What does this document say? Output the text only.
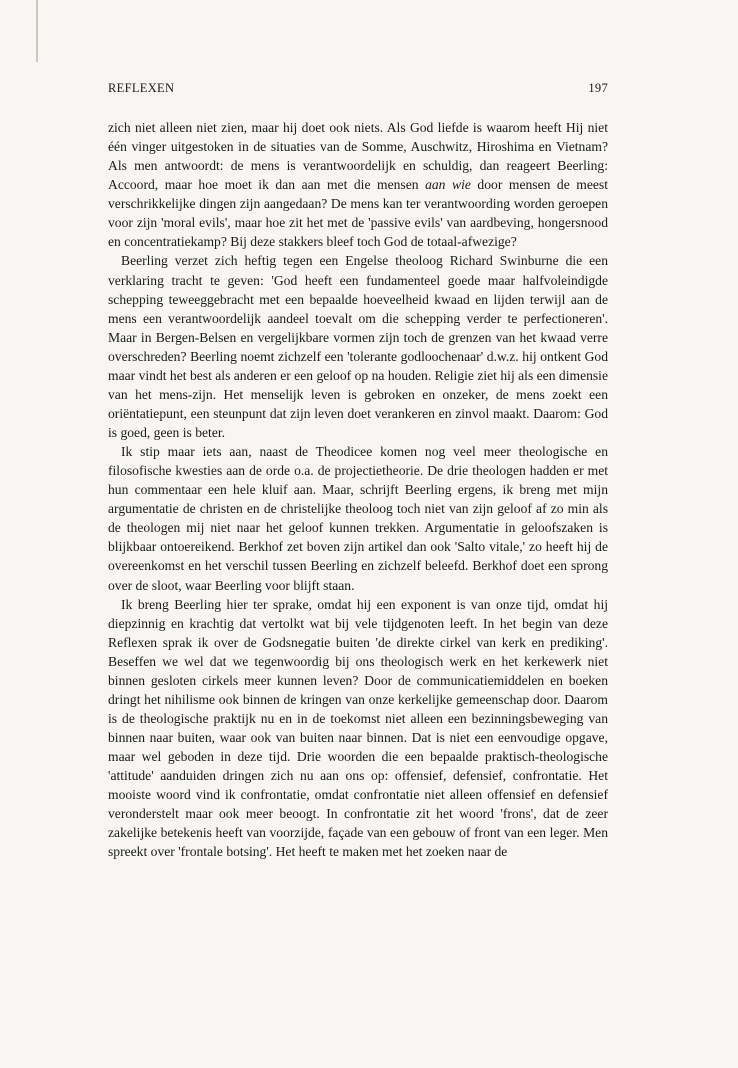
REFLEXEN	197

zich niet alleen niet zien, maar hij doet ook niets. Als God liefde is waarom heeft Hij niet één vinger uitgestoken in de situaties van de Somme, Auschwitz, Hiroshima en Vietnam? Als men antwoordt: de mens is verantwoordelijk en schuldig, dan reageert Beerling: Accoord, maar hoe moet ik dan aan met die mensen aan wie door mensen de meest verschrikkelijke dingen zijn aangedaan? De mens kan ter verantwoording worden geroepen voor zijn 'moral evils', maar hoe zit het met de 'passive evils' van aardbeving, hongersnood en concentratiekamp? Bij deze stakkers bleef toch God de totaal-afwezige?

Beerling verzet zich heftig tegen een Engelse theoloog Richard Swinburne die een verklaring tracht te geven: 'God heeft een fundamenteel goede maar halfvoleindigde schepping teweeggebracht met een bepaalde hoeveelheid kwaad en lijden terwijl aan de mens een verantwoordelijk aandeel toevalt om die schepping verder te perfectioneren'. Maar in Bergen-Belsen en vergelijkbare vormen zijn toch de grenzen van het kwaad verre overschreden? Beerling noemt zichzelf een 'tolerante godloochenaar' d.w.z. hij ontkent God maar vindt het best als anderen er een geloof op na houden. Religie ziet hij als een dimensie van het mens-zijn. Het menselijk leven is gebroken en onzeker, de mens zoekt een oriëntatiepunt, een steunpunt dat zijn leven doet verankeren en zinvol maakt. Daarom: God is goed, geen is beter.

Ik stip maar iets aan, naast de Theodicee komen nog veel meer theologische en filosofische kwesties aan de orde o.a. de projectietheorie. De drie theologen hadden er met hun commentaar een hele kluif aan. Maar, schrijft Beerling ergens, ik breng met mijn argumentatie de christen en de christelijke theoloog toch niet van zijn geloof af zo min als de theologen mij niet naar het geloof kunnen trekken. Argumentatie in geloofszaken is blijkbaar ontoereikend. Berkhof zet boven zijn artikel dan ook 'Salto vitale,' zo heeft hij de overeenkomst en het verschil tussen Beerling en zichzelf beleefd. Berkhof doet een sprong over de sloot, waar Beerling voor blijft staan.

Ik breng Beerling hier ter sprake, omdat hij een exponent is van onze tijd, omdat hij diepzinnig en krachtig dat vertolkt wat bij vele tijdgenoten leeft. In het begin van deze Reflexen sprak ik over de Godsnegatie buiten 'de direkte cirkel van kerk en prediking'. Beseffen we wel dat we tegenwoordig bij ons theologisch werk en het kerkewerk niet binnen gesloten cirkels meer kunnen leven? Door de communicatiemiddelen en boeken dringt het nihilisme ook binnen de kringen van onze kerkelijke gemeenschap door. Daarom is de theologische praktijk nu en in de toekomst niet alleen een bezinningsbeweging van binnen naar buiten, waar ook van buiten naar binnen. Dat is niet een eenvoudige opgave, maar wel geboden in deze tijd. Drie woorden die een bepaalde praktisch-theologische 'attitude' aanduiden dringen zich nu aan ons op: offensief, defensief, confrontatie. Het mooiste woord vind ik confrontatie, omdat confrontatie niet alleen offensief en defensief veronderstelt maar ook meer beoogt. In confrontatie zit het woord 'frons', dat de zeer zakelijke betekenis heeft van voorzijde, façade van een gebouw of front van een leger. Men spreekt over 'frontale botsing'. Het heeft te maken met het zoeken naar de
